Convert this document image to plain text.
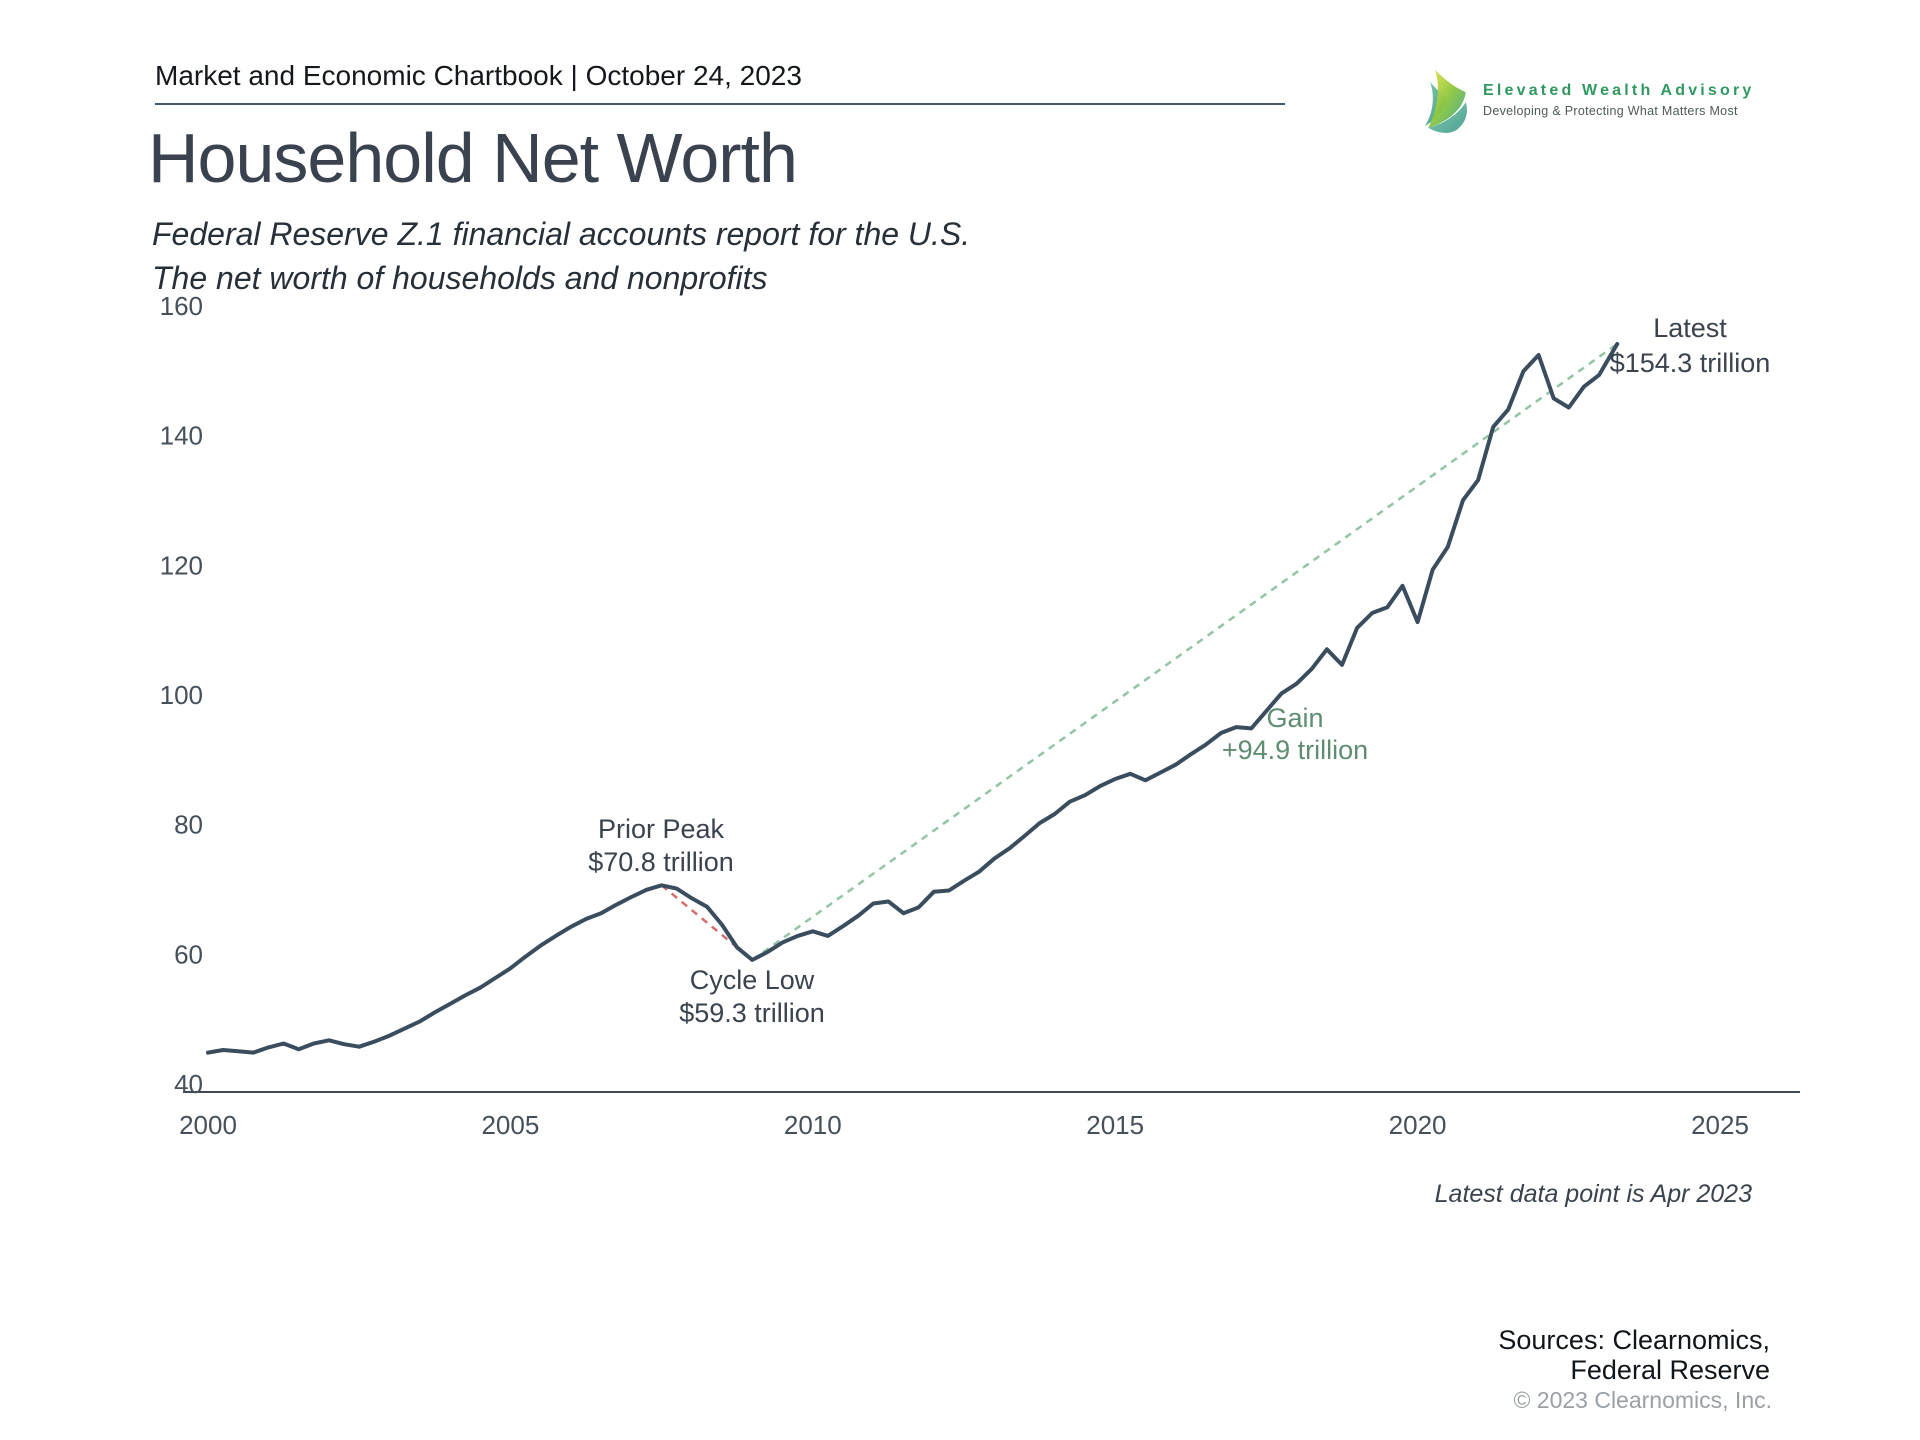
Market and Economic Chartbook | October 24, 2023	Elevated Wealth Advisory
Developing & Protecting What Matters Most
Household Net Worth
Federal Reserve Z.1 financial accounts report for the U.S.
The net worth of households and nonprofits
160
140
120
100
80
60
40
2000	2005	2010	2015	2020	2025
Prior Peak
$70.8 trillion
Cycle Low
$59.3 trillion
Gain
+94.9 trillion
Latest
$154.3 trillion
Latest data point is Apr 2023
Sources: Clearnomics,
Federal Reserve
© 2023 Clearnomics, Inc.
